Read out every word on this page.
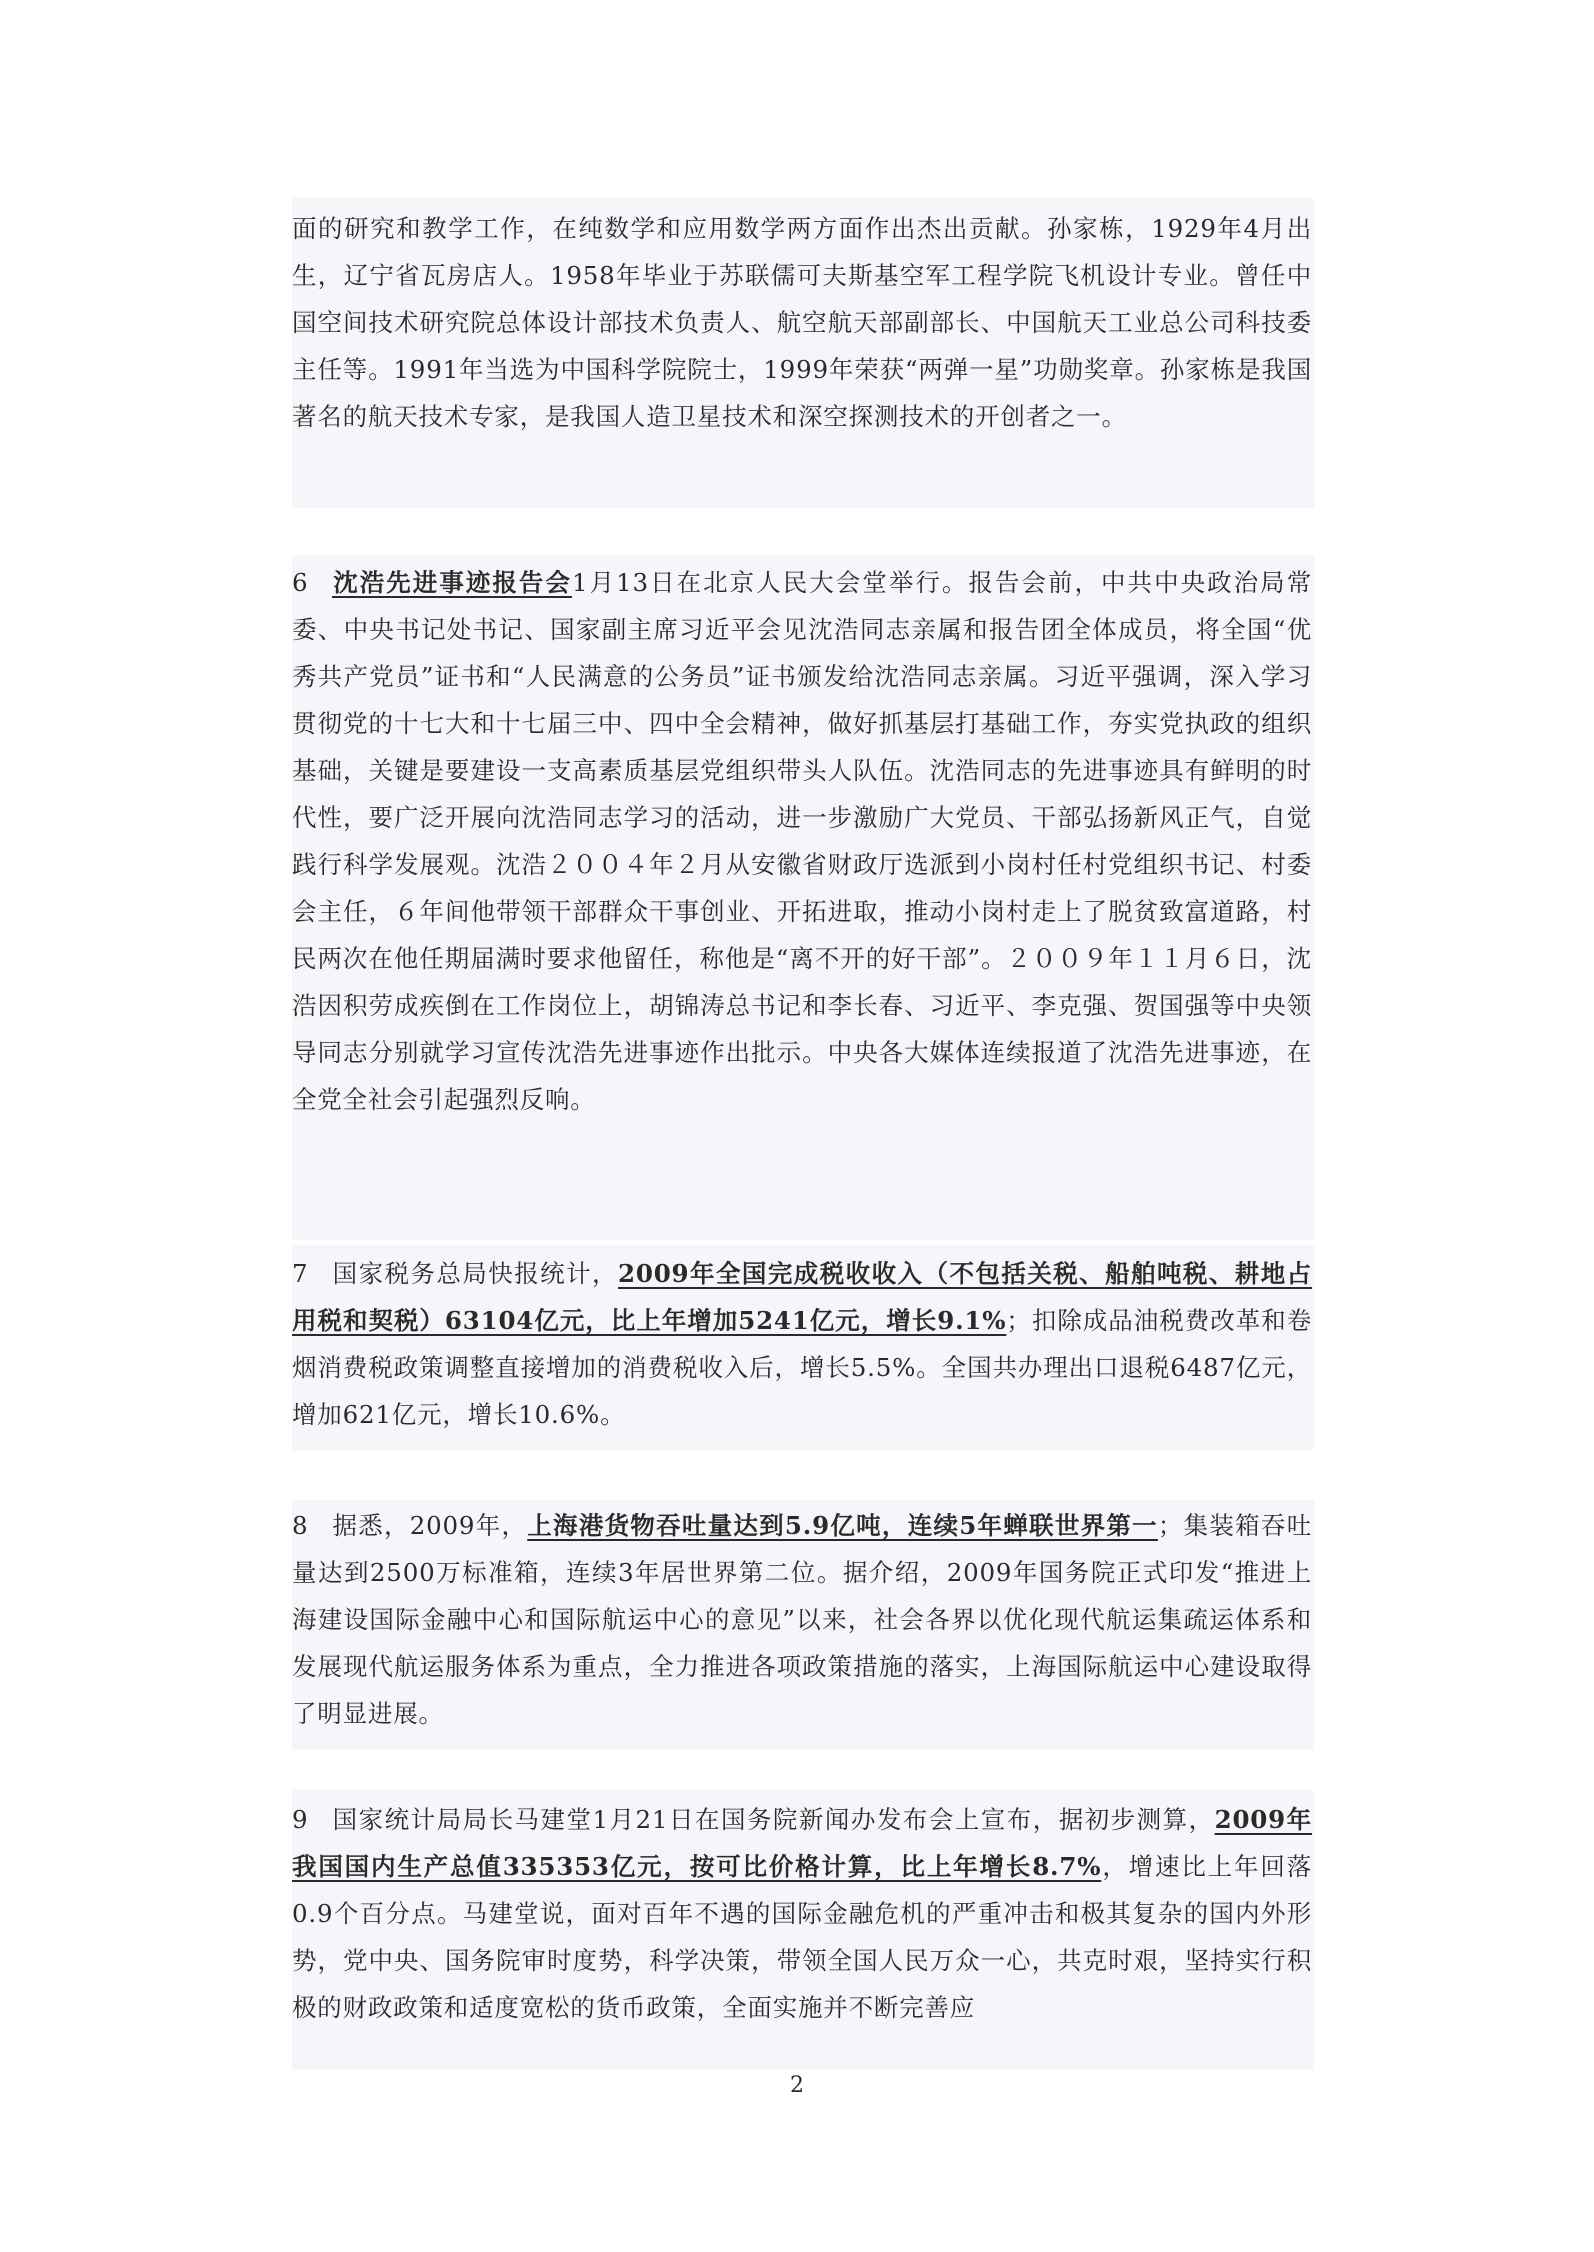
面的研究和教学工作，在纯数学和应用数学两方面作出杰出贡献。孙家栋，1929年4月出生，辽宁省瓦房店人。1958年毕业于苏联儒可夫斯基空军工程学院飞机设计专业。曾任中国空间技术研究院总体设计部技术负责人、航空航天部副部长、中国航天工业总公司科技委主任等。1991年当选为中国科学院院士，1999年荣获“两弹一星”功勋奖章。孙家栋是我国著名的航天技术专家，是我国人造卫星技术和深空探测技术的开创者之一。

6 沈浩先进事迹报告会1月13日在北京人民大会堂举行。报告会前，中共中央政治局常委、中央书记处书记、国家副主席习近平会见沈浩同志亲属和报告团全体成员，将全国“优秀共产党员”证书和“人民满意的公务员”证书颁发给沈浩同志亲属。习近平强调，深入学习贯彻党的十七大和十七届三中、四中全会精神，做好抓基层打基础工作，夯实党执政的组织基础，关键是要建设一支高素质基层党组织带头人队伍。沈浩同志的先进事迹具有鲜明的时代性，要广泛开展向沈浩同志学习的活动，进一步激励广大党员、干部弘扬新风正气，自觉践行科学发展观。沈浩２００４年２月从安徽省财政厅选派到小岗村任村党组织书记、村委会主任，６年间他带领干部群众干事创业、开拓进取，推动小岗村走上了脱贫致富道路，村民两次在他任期届满时要求他留任，称他是“离不开的好干部”。２００９年１１月６日，沈浩因积劳成疾倒在工作岗位上，胡锦涛总书记和李长春、习近平、李克强、贺国强等中央领导同志分别就学习宣传沈浩先进事迹作出批示。中央各大媒体连续报道了沈浩先进事迹，在全党全社会引起强烈反响。

7 国家税务总局快报统计，2009年全国完成税收收入（不包括关税、船舶吨税、耕地占用税和契税）63104亿元，比上年增加5241亿元，增长9.1%；扣除成品油税费改革和卷烟消费税政策调整直接增加的消费税收入后，增长5.5%。全国共办理出口退税6487亿元，增加621亿元，增长10.6%。

8 据悉，2009年，上海港货物吞吐量达到5.9亿吨，连续5年蝉联世界第一；集装箱吞吐量达到2500万标准箱，连续3年居世界第二位。据介绍，2009年国务院正式印发“推进上海建设国际金融中心和国际航运中心的意见”以来，社会各界以优化现代航运集疏运体系和发展现代航运服务体系为重点，全力推进各项政策措施的落实，上海国际航运中心建设取得了明显进展。

9 国家统计局局长马建堂1月21日在国务院新闻办发布会上宣布，据初步测算，2009年我国国内生产总值335353亿元，按可比价格计算，比上年增长8.7%，增速比上年回落0.9个百分点。马建堂说，面对百年不遇的国际金融危机的严重冲击和极其复杂的国内外形势，党中央、国务院审时度势，科学决策，带领全国人民万众一心，共克时艰，坚持实行积极的财政政策和适度宽松的货币政策，全面实施并不断完善应

2
